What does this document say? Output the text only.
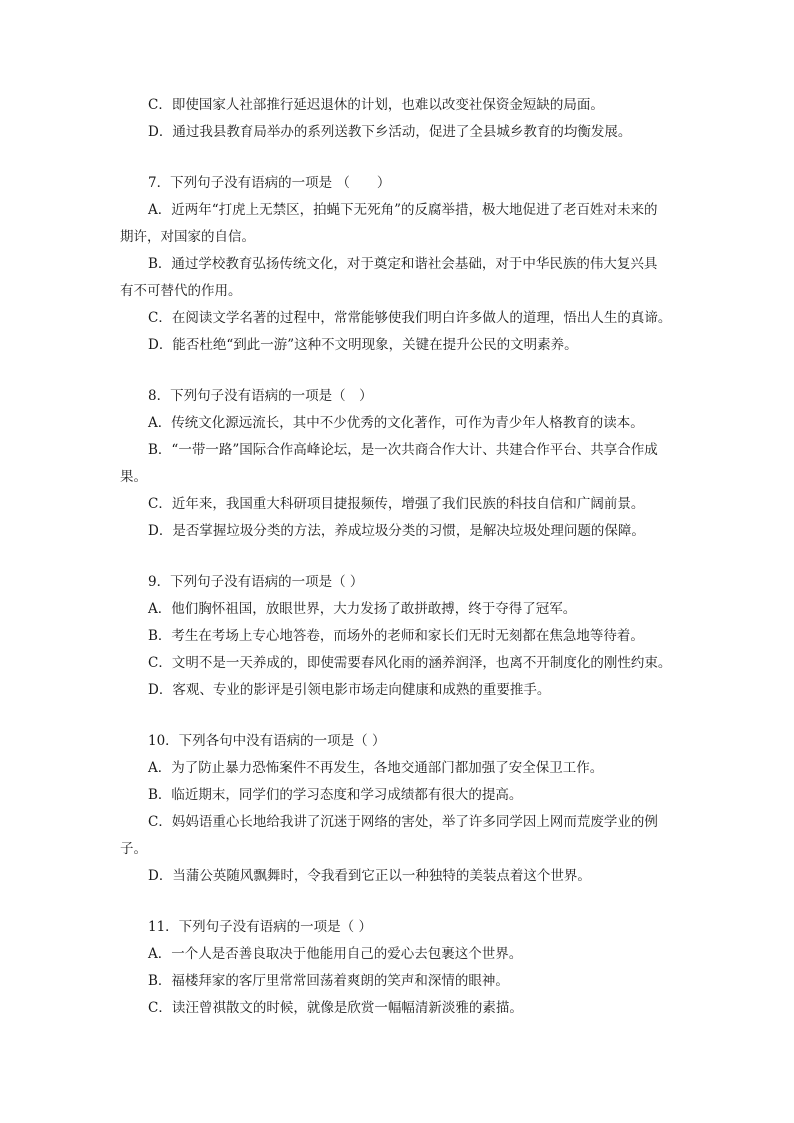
C．即使国家人社部推行延迟退休的计划，也难以改变社保资金短缺的局面。
D．通过我县教育局举办的系列送教下乡活动，促进了全县城乡教育的均衡发展。
7．下列句子没有语病的一项是 （　　）
A．近两年“打虎上无禁区，拍蝇下无死角”的反腐举措，极大地促进了老百姓对未来的
期许，对国家的自信。
B．通过学校教育弘扬传统文化，对于奠定和谐社会基础，对于中华民族的伟大复兴具
有不可替代的作用。
C．在阅读文学名著的过程中，常常能够使我们明白许多做人的道理，悟出人生的真谛。
D．能否杜绝“到此一游”这种不文明现象，关键在提升公民的文明素养。
8．下列句子没有语病的一项是（　）
A．传统文化源远流长，其中不少优秀的文化著作，可作为青少年人格教育的读本。
B．“一带一路”国际合作高峰论坛，是一次共商合作大计、共建合作平台、共享合作成
果。
C．近年来，我国重大科研项目捷报频传，增强了我们民族的科技自信和广阔前景。
D．是否掌握垃圾分类的方法，养成垃圾分类的习惯，是解决垃圾处理问题的保障。
9．下列句子没有语病的一项是（ ）
A．他们胸怀祖国，放眼世界，大力发扬了敢拼敢搏，终于夺得了冠军。
B．考生在考场上专心地答卷，而场外的老师和家长们无时无刻都在焦急地等待着。
C．文明不是一天养成的，即使需要春风化雨的涵养润泽，也离不开制度化的刚性约束。
D．客观、专业的影评是引领电影市场走向健康和成熟的重要推手。
10．下列各句中没有语病的一项是（ ）
A．为了防止暴力恐怖案件不再发生，各地交通部门都加强了安全保卫工作。
B．临近期末，同学们的学习态度和学习成绩都有很大的提高。
C．妈妈语重心长地给我讲了沉迷于网络的害处，举了许多同学因上网而荒废学业的例
子。
D．当蒲公英随风飘舞时，令我看到它正以一种独特的美装点着这个世界。
11．下列句子没有语病的一项是（ ）
A．一个人是否善良取决于他能用自己的爱心去包裹这个世界。
B．福楼拜家的客厅里常常回荡着爽朗的笑声和深情的眼神。
C．读汪曾祺散文的时候，就像是欣赏一幅幅清新淡雅的素描。
